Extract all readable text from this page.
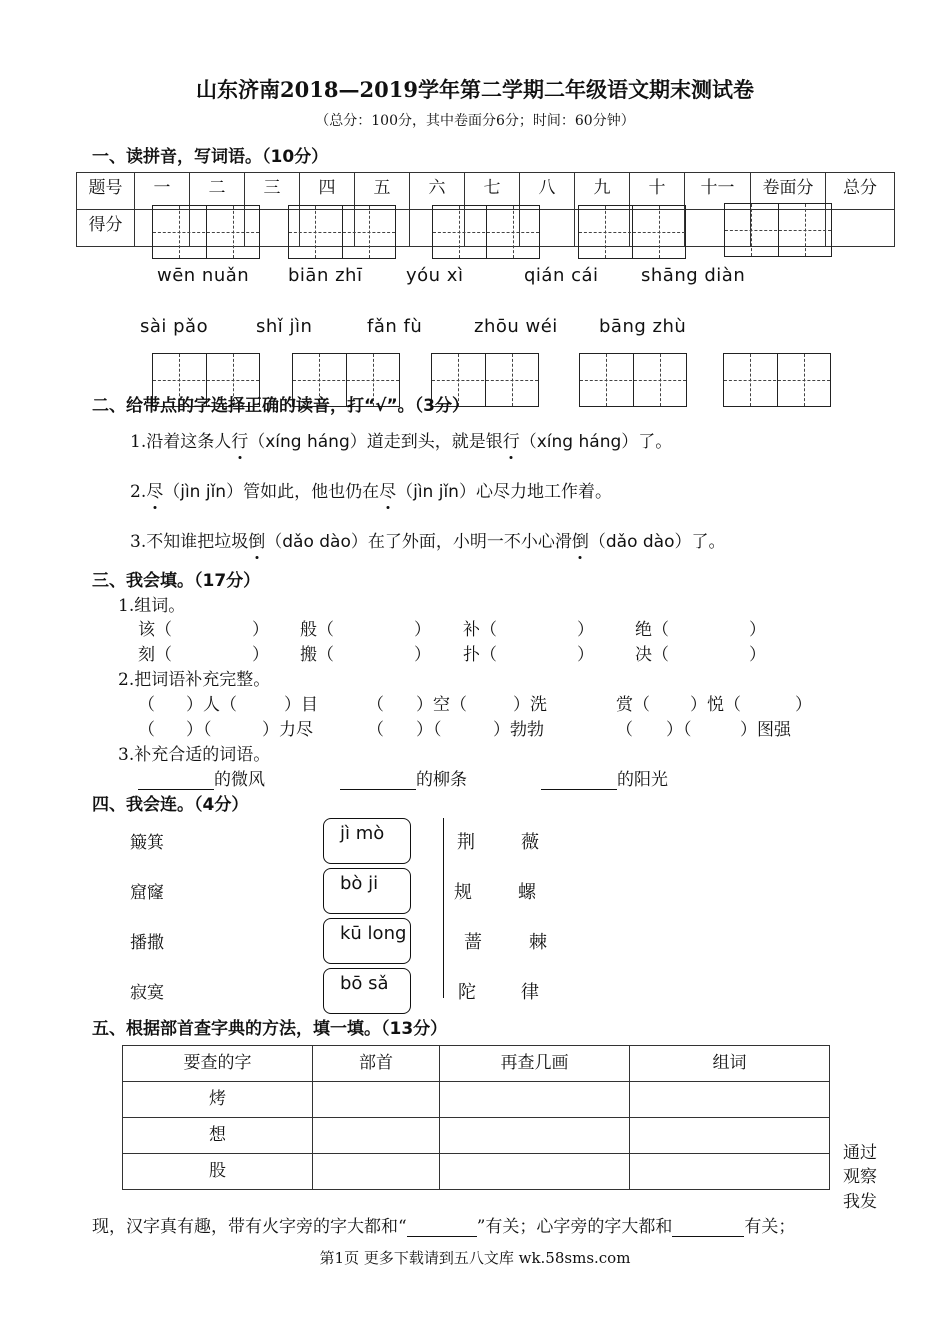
山东济南2018—2019学年第二学期二年级语文期末测试卷
（总分：100分，其中卷面分6分；时间：60分钟）
一、读拼音，写词语。（10分）
题号	一	二	三	四	五	六	七	八	九	十	十一	卷面分	总分
得分													
wēn nuǎn biān zhī yóu xì	qián cái shāng diàn
sài pǎo	shǐ jìn	fǎn fù	zhōu wéi bāng zhù
二、给带点的字选择正确的读音，打“√”。（3分）
1.沿着这条人行（xíng háng）道走到头，就是银行（xíng háng）了。
2.尽（jìn jǐn）管如此，他也仍在尽（jìn jǐn）心尽力地工作着。
3.不知谁把垃圾倒（dǎo dào）在了外面，小明一不小心滑倒（dǎo dào）了。
三、我会填。（17分）
1.组词。
该（	） 般（	） 补（	） 绝（	）
刻（	） 搬（	） 扑（	） 决（	）
2.把词语补充完整。
（ ）人（	）目	（ ）空（	）洗	赏（ ）悦（	）
（ ）（	）力尽	（ ）（	）勃勃	（ ）（	）图强
3.补充合适的词语。
的微风	的柳条	的阳光
四、我会连。（4分）
簸箕
窟窿
播撒
寂寞
jì mò
bò ji
kū long
bō sǎ
荆	薇
规	螺
蔷	棘
陀	律
五、根据部首查字典的方法，填一填。（13分）
要查的字	部首	再查几画	组词
烤			
想			
股			
通过
观察
我发
现，汉字真有趣，带有火字旁的字大都和“	”有关；心字旁的字大都和	有关；
第1页 更多下载请到五八文库 wk.58sms.com
